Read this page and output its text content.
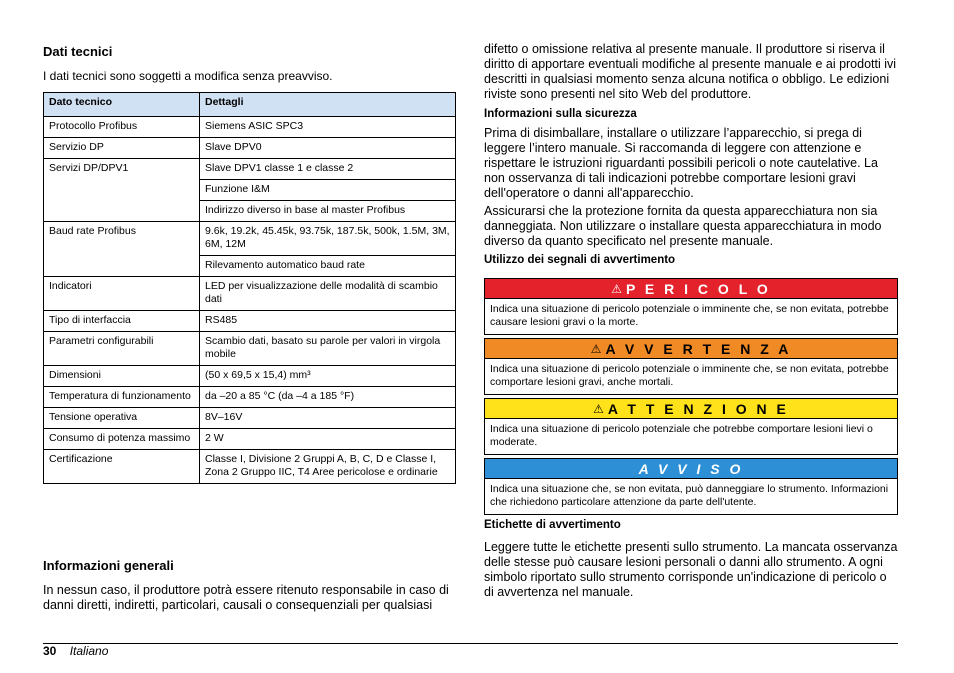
Dati tecnici

I dati tecnici sono soggetti a modifica senza preavviso.

Dato tecnico	Dettagli
Protocollo Profibus	Siemens ASIC SPC3
Servizio DP	Slave DPV0
Servizi DP/DPV1	Slave DPV1 classe 1 e classe 2
	Funzione I&M
	Indirizzo diverso in base al master Profibus
Baud rate Profibus	9.6k, 19.2k, 45.45k, 93.75k, 187.5k, 500k, 1.5M, 3M, 6M, 12M
	Rilevamento automatico baud rate
Indicatori	LED per visualizzazione delle modalità di scambio dati
Tipo di interfaccia	RS485
Parametri configurabili	Scambio dati, basato su parole per valori in virgola mobile
Dimensioni	(50 x 69,5 x 15,4) mm³
Temperatura di funzionamento	da –20 a 85 °C (da –4 a 185 °F)
Tensione operativa	8V–16V
Consumo di potenza massimo	2 W
Certificazione	Classe I, Divisione 2 Gruppi A, B, C, D e Classe I, Zona 2 Gruppo IIC, T4 Aree pericolose e ordinarie
Informazioni generali

In nessun caso, il produttore potrà essere ritenuto responsabile in caso di danni diretti, indiretti, particolari, causali o consequenziali per qualsiasi

difetto o omissione relativa al presente manuale. Il produttore si riserva il diritto di apportare eventuali modifiche al presente manuale e ai prodotti ivi descritti in qualsiasi momento senza alcuna notifica o obbligo. Le edizioni riviste sono presenti nel sito Web del produttore.

Informazioni sulla sicurezza

Prima di disimballare, installare o utilizzare l’apparecchio, si prega di leggere l’intero manuale. Si raccomanda di leggere con attenzione e rispettare le istruzioni riguardanti possibili pericoli o note cautelative. La non osservanza di tali indicazioni potrebbe comportare lesioni gravi dell'operatore o danni all'apparecchio.

Assicurarsi che la protezione fornita da questa apparecchiatura non sia danneggiata. Non utilizzare o installare questa apparecchiatura in modo diverso da quanto specificato nel presente manuale.

Utilizzo dei segnali di avvertimento
⚠ P E R I C O L O
Indica una situazione di pericolo potenziale o imminente che, se non evitata, potrebbe causare lesioni gravi o la morte.
⚠ A V V E R T E N Z A
Indica una situazione di pericolo potenziale o imminente che, se non evitata, potrebbe comportare lesioni gravi, anche mortali.
⚠ A T T E N Z I O N E
Indica una situazione di pericolo potenziale che potrebbe comportare lesioni lievi o moderate.
A V V I S O
Indica una situazione che, se non evitata, può danneggiare lo strumento. Informazioni che richiedono particolare attenzione da parte dell'utente.
Etichette di avvertimento

Leggere tutte le etichette presenti sullo strumento. La mancata osservanza delle stesse può causare lesioni personali o danni allo strumento. A ogni simbolo riportato sullo strumento corrisponde un'indicazione di pericolo o di avvertenza nel manuale.

30 Italiano
